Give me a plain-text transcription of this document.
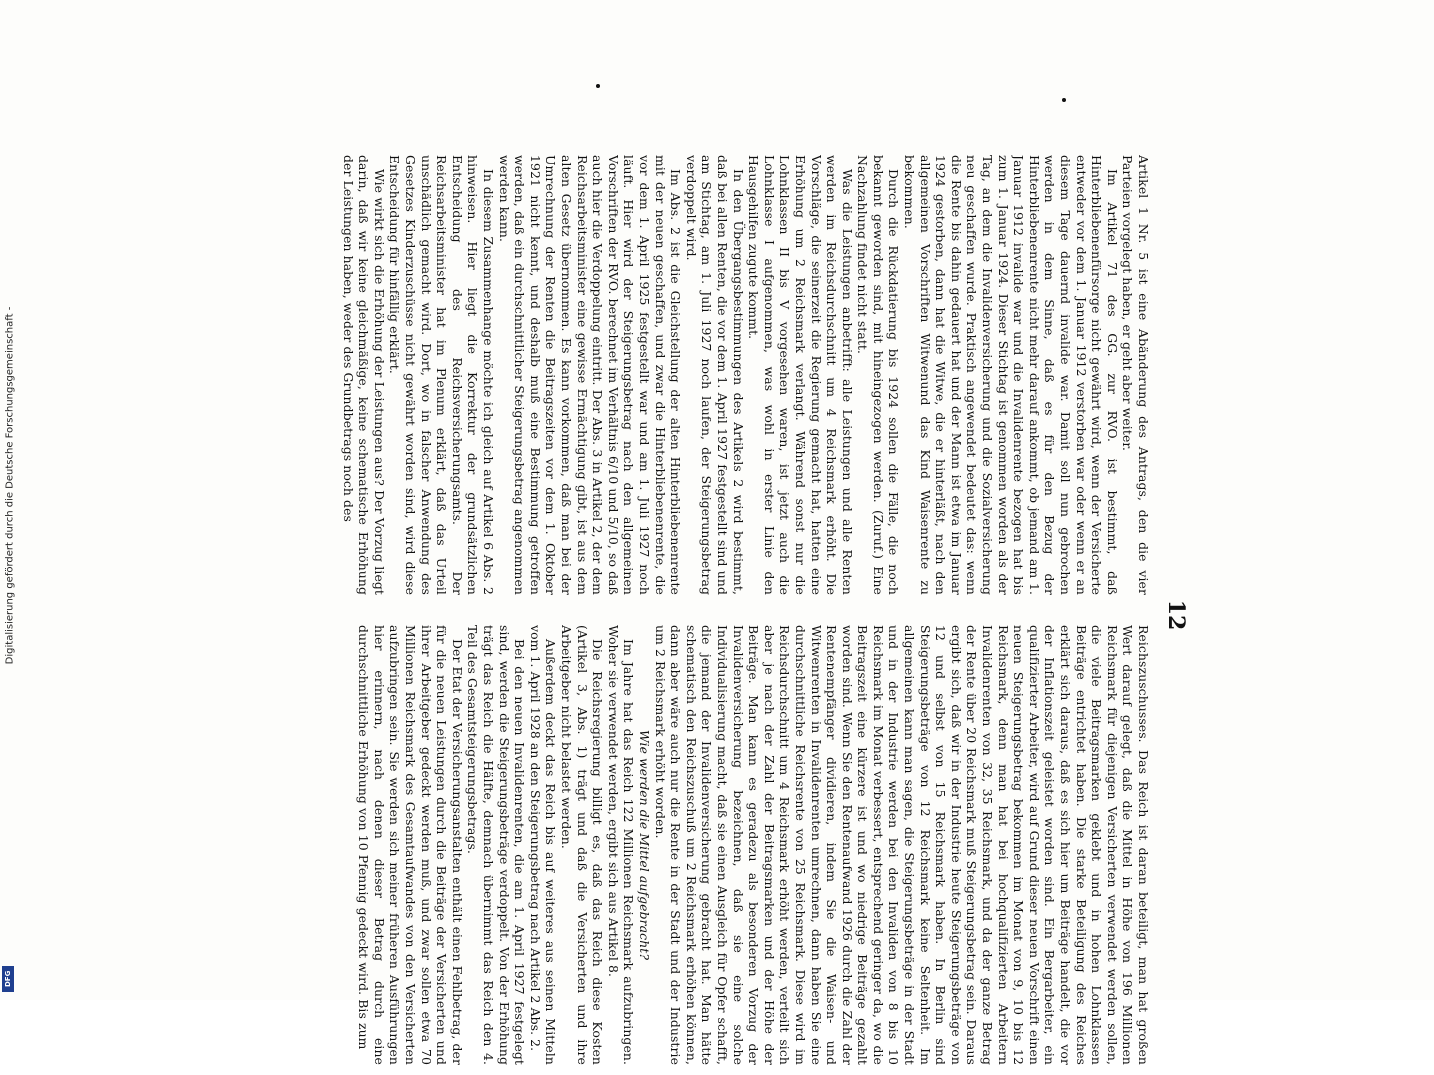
Digitalisierung gefördert durch die Deutsche Forschungsgemeinschaft -
DFG
12

Artikel 1 Nr. 5 ist eine Abänderung des Antrags, den die vier Parteien vorgelegt haben, er geht aber weiter.

Im Artikel 71 des GG. zur RVO. ist bestimmt, daß Hinterbliebenenfürsorge nicht gewährt wird, wenn der Versicherte entweder vor dem 1. Januar 1912 verstorben war oder wenn er an diesem Tage dauernd invalide war. Damit soll nun gebrochen werden in dem Sinne, daß es für den Bezug der Hinterbliebenenrente nicht mehr darauf ankommt, ob jemand am 1. Januar 1912 invalide war und die Invalidenrente bezogen hat bis zum 1. Januar 1924. Dieser Stichtag ist genommen worden als der Tag, an dem die Invalidenversicherung und die Sozialversicherung neu geschaffen wurde. Praktisch angewendet bedeutet das: wenn die Rente bis dahin gedauert hat und der Mann ist etwa im Januar 1924 gestorben, dann hat die Witwe, die er hinterläßt, nach den allgemeinen Vorschriften Witwenund das Kind Waisenrente zu bekommen.

Durch die Rückdatierung bis 1924 sollen die Fälle, die noch bekannt geworden sind, mit hineingezogen werden. (Zuruf.) Eine Nachzahlung findet nicht statt.

Was die Leistungen anbetrifft: alle Leistungen und alle Renten werden im Reichsdurchschnitt um 4 Reichsmark erhöht. Die Vorschläge, die seinerzeit die Regierung gemacht hat, hatten eine Erhöhung um 2 Reichsmark verlangt. Während sonst nur die Lohnklassen II bis V vorgesehen waren, ist jetzt auch die Lohnklasse I aufgenommen, was wohl in erster Linie den Hausgehilfen zugute kommt.

In den Übergangsbestimmungen des Artikels 2 wird bestimmt, daß bei allen Renten, die vor dem 1. April 1927 festgestellt sind und am Stichtag, am 1. Juli 1927 noch laufen, der Steigerungsbetrag verdoppelt wird.

Im Abs. 2 ist die Gleichstellung der alten Hinterbliebenenrente mit der neuen geschaffen, und zwar die Hinterbliebenenrente, die vor dem 1. April 1925 festgestellt war und am 1. Juli 1927 noch läuft. Hier wird der Steigerungsbetrag nach den allgemeinen Vorschriften der RVO. berechnet im Verhältnis 6/10 und 5/10, so daß auch hier die Verdoppelung eintritt. Der Abs. 3 in Artikel 2, der dem Reichsarbeitsminister eine gewisse Ermächtigung gibt, ist aus dem alten Gesetz übernommen. Es kann vorkommen, daß man bei der Umrechnung der Renten die Beitragszeiten vor dem 1. Oktober 1921 nicht kennt, und deshalb muß eine Bestimmung getroffen werden, daß ein durchschnittlicher Steigerungsbetrag angenommen werden kann.

In diesem Zusammenhange möchte ich gleich auf Artikel 6 Abs. 2 hinweisen. Hier liegt die Korrektur der grundsätzlichen Entscheidung des Reichsversicherungsamts. Der Reichsarbeitsminister hat im Plenum erklärt, daß das Urteil unschädlich gemacht wird. Dort, wo in falscher Anwendung des Gesetzes Kinderzuschüsse nicht gewährt worden sind, wird diese Entscheidung für hinfällig erklärt.

Wie wirkt sich die Erhöhung der Leistungen aus? Der Vorzug liegt darin, daß wir keine gleichmäßige, keine schematische Erhöhung der Leistungen haben, weder des Grundbetrags noch des

Reichszuschusses. Das Reich ist daran beteiligt, man hat großen Wert darauf gelegt, daß die Mittel in Höhe von 196 Millionen Reichsmark für diejenigen Versicherten verwendet werden sollen, die viele Beitragsmarken geklebt und in hohen Lohnklassen Beiträge entrichtet haben. Die starke Beteiligung des Reiches erklärt sich daraus, daß es sich hier um Beiträge handelt, die vor der Inflationszeit geleistet worden sind. Ein Bergarbeiter, ein qualifizierter Arbeiter, wird auf Grund dieser neuen Vorschrift einen neuen Steigerungsbetrag bekommen im Monat von 9, 10 bis 12 Reichsmark, denn man hat bei hochqualifizierten Arbeitern Invalidenrenten von 32, 35 Reichsmark, und da der ganze Betrag der Rente über 20 Reichsmark muß Steigerungsbetrag sein. Daraus ergibt sich, daß wir in der Industrie heute Steigerungsbeträge von 12 und selbst von 15 Reichsmark haben. In Berlin sind Steigerungsbeträge von 12 Reichsmark keine Seltenheit. Im allgemeinen kann man sagen, die Steigerungsbeträge in der Stadt und in der Industrie werden bei den Invaliden von 8 bis 10 Reichsmark im Monat verbessert, entsprechend geringer da, wo die Beitragszeit eine kürzere ist und wo niedrige Beiträge gezahlt worden sind. Wenn Sie den Rentenaufwand 1926 durch die Zahl der Rentenempfänger dividieren, indem Sie die Waisen- und Witwenrenten in Invalidenrenten umrechnen, dann haben Sie eine durchschnittliche Reichsrente von 25 Reichsmark. Diese wird im Reichsdurchschnitt um 4 Reichsmark erhöht werden, verteilt sich aber je nach der Zahl der Beitragsmarken und der Höhe der Beiträge. Man kann es geradezu als besonderen Vorzug der Invalidenversicherung bezeichnen, daß sie eine solche Individualisierung macht, daß sie einen Ausgleich für Opfer schafft, die jemand der Invalidenversicherung gebracht hat. Man hätte schematisch den Reichszuschuß um 2 Reichsmark erhöhen können, dann aber wäre auch nur die Rente in der Stadt und der Industrie um 2 Reichsmark erhöht worden.

Wie werden die Mittel aufgebracht?

Im Jahre hat das Reich 122 Millionen Reichsmark aufzubringen. Woher sie verwendet werden, ergibt sich aus Artikel 8.

Die Reichsregierung billigt es, daß das Reich diese Kosten (Artikel 3, Abs. 1) trägt und daß die Versicherten und ihre Arbeitgeber nicht belastet werden.

Außerdem deckt das Reich bis auf weiteres aus seinen Mitteln vom 1. April 1928 an den Steigerungsbetrag nach Artikel 2 Abs. 2.

Bei den neuen Invalidenrenten, die am 1. April 1927 festgelegt sind, werden die Steigerungsbeträge verdoppelt. Von der Erhöhung trägt das Reich die Hälfte, demnach übernimmt das Reich den 4. Teil des Gesamtsteigerungsbetrags.

Der Etat der Versicherungsanstalten enthält einen Fehlbetrag, der für die neuen Leistungen durch die Beiträge der Versicherten und ihrer Arbeitgeber gedeckt werden muß, und zwar sollen etwa 70 Millionen Reichsmark des Gesamtaufwandes von den Versicherten aufzubringen sein. Sie werden sich meiner früheren Ausführungen hier erinnern, nach denen dieser Betrag durch eine durchschnittliche Erhöhung von 10 Pfennig gedeckt wird. Bis zum
